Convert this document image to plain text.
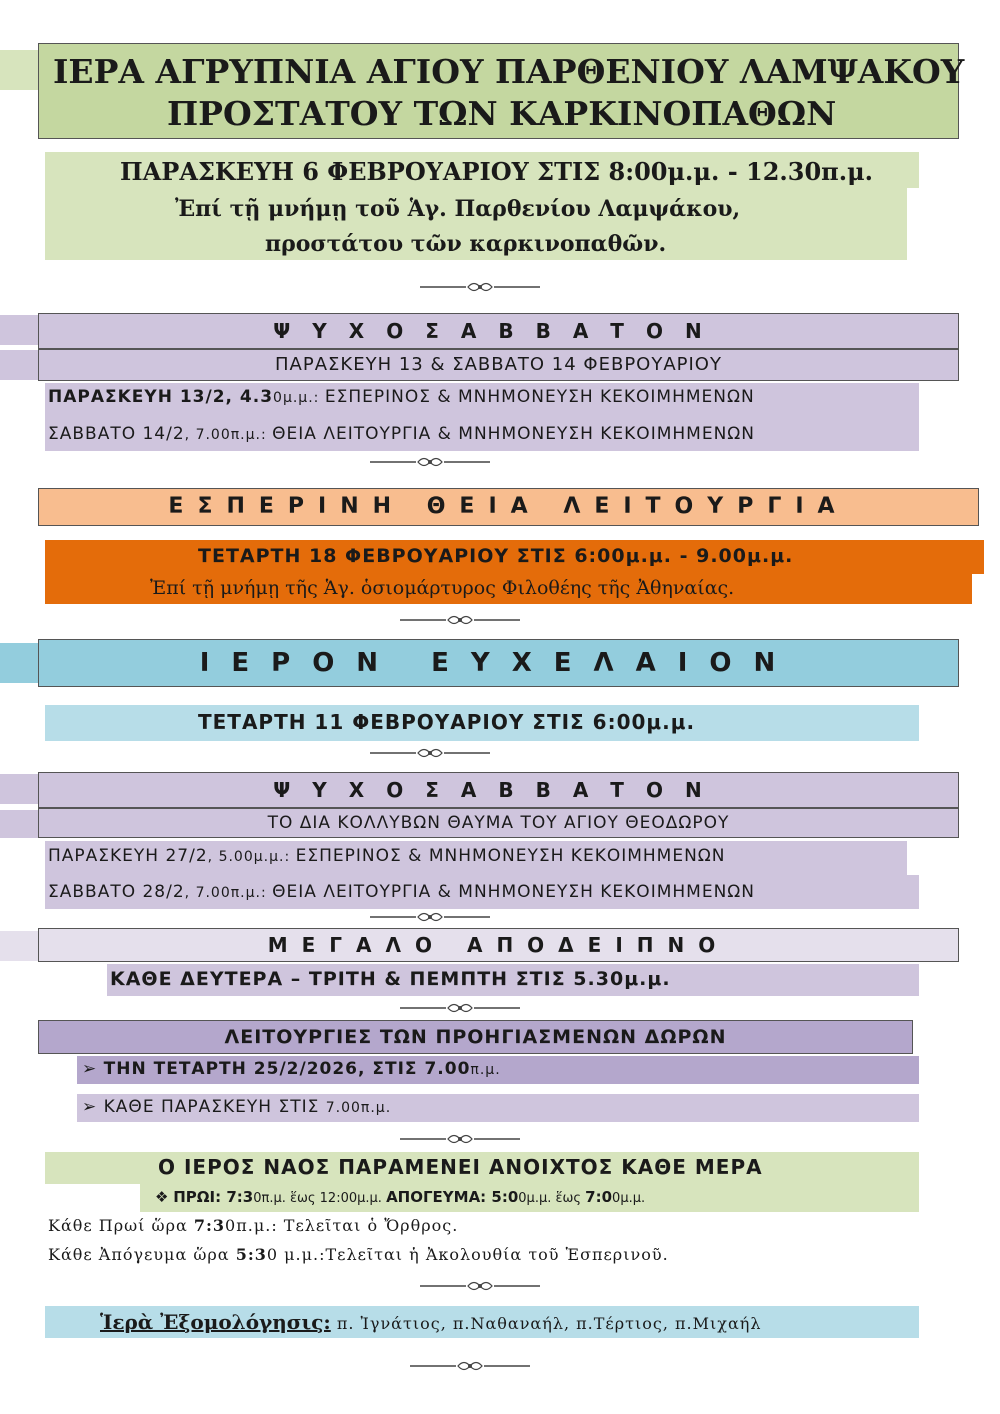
ΙΕΡΑ ΑΓΡΥΠΝΙΑ ΑΓΙΟΥ ΠΑΡΘΕΝΙΟΥ ΛΑΜΨΑΚΟΥ
ΠΡΟΣΤΑΤΟΥ ΤΩΝ ΚΑΡΚΙΝΟΠΑΘΩΝ
ΠΑΡΑΣΚΕΥΗ 6 ΦΕΒΡΟΥΑΡΙΟΥ ΣΤΙΣ 8:00μ.μ. - 12.30π.μ.
Ἐπί τῇ μνήμῃ τοῦ Ἁγ. Παρθενίου Λαμψάκου,
προστάτου τῶν καρκινοπαθῶν.
ΨΥΧΟΣΑΒΒΑΤΟΝ
ΠΑΡΑΣΚΕΥΗ 13 & ΣΑΒΒΑΤΟ 14 ΦΕΒΡΟΥΑΡΙΟΥ
ΠΑΡΑΣΚΕΥΗ 13/2, 4.30μ.μ.: ΕΣΠΕΡΙΝΟΣ & ΜΝΗΜΟΝΕΥΣΗ ΚΕΚΟΙΜΗΜΕΝΩΝ
ΣΑΒΒΑΤΟ 14/2, 7.00π.μ.: ΘΕΙΑ ΛΕΙΤΟΥΡΓΙΑ & ΜΝΗΜΟΝΕΥΣΗ ΚΕΚΟΙΜΗΜΕΝΩΝ
ΕΣΠΕΡΙΝΗ ΘΕΙΑ ΛΕΙΤΟΥΡΓΙΑ
ΤΕΤΑΡΤΗ 18 ΦΕΒΡΟΥΑΡΙΟΥ ΣΤΙΣ 6:00μ.μ. - 9.00μ.μ.
Ἐπί τῇ μνήμῃ τῆς Ἁγ. ὁσιομάρτυρος Φιλοθέης τῆς Ἀθηναίας.
ΙΕΡΟΝ ΕΥΧΕΛΑΙΟΝ
ΤΕΤΑΡΤΗ 11 ΦΕΒΡΟΥΑΡΙΟΥ ΣΤΙΣ 6:00μ.μ.
ΨΥΧΟΣΑΒΒΑΤΟΝ
ΤΟ ΔΙΑ ΚΟΛΛΥΒΩΝ ΘΑΥΜΑ ΤΟΥ ΑΓΙΟΥ ΘΕΟΔΩΡΟΥ
ΠΑΡΑΣΚΕΥΗ 27/2, 5.00μ.μ.: ΕΣΠΕΡΙΝΟΣ & ΜΝΗΜΟΝΕΥΣΗ ΚΕΚΟΙΜΗΜΕΝΩΝ
ΣΑΒΒΑΤΟ 28/2, 7.00π.μ.: ΘΕΙΑ ΛΕΙΤΟΥΡΓΙΑ & ΜΝΗΜΟΝΕΥΣΗ ΚΕΚΟΙΜΗΜΕΝΩΝ
ΜΕΓΑΛΟ ΑΠΟΔΕΙΠΝΟ
ΚΑΘΕ ΔΕΥΤΕΡΑ – ΤΡΙΤΗ & ΠΕΜΠΤΗ ΣΤΙΣ 5.30μ.μ.
ΛΕΙΤΟΥΡΓΙΕΣ ΤΩΝ ΠΡΟΗΓΙΑΣΜΕΝΩΝ ΔΩΡΩΝ
➢ ΤΗΝ ΤΕΤΑΡΤΗ 25/2/2026, ΣΤΙΣ 7.00π.μ.
➢ ΚΑΘΕ ΠΑΡΑΣΚΕΥΗ ΣΤΙΣ 7.00π.μ.
Ο ΙΕΡΟΣ ΝΑΟΣ ΠΑΡΑΜΕΝΕΙ ΑΝΟΙΧΤΟΣ ΚΑΘΕ ΜΕΡΑ
❖ ΠΡΩΙ: 7:30π.μ. ἕως 12:00μ.μ. ΑΠΟΓΕΥΜΑ: 5:00μ.μ. ἕως 7:00μ.μ.
Κάθε Πρωί ὥρα 7:30π.μ.: Τελεῖται ὁ Ὄρθρος.
Κάθε Ἀπόγευμα ὥρα 5:30 μ.μ.:Τελεῖται ἡ Ἀκολουθία τοῦ Ἑσπερινοῦ.
Ἱερὰ Ἐξομολόγησις: π. Ἰγνάτιος, π.Ναθαναήλ, π.Τέρτιος, π.Μιχαήλ
